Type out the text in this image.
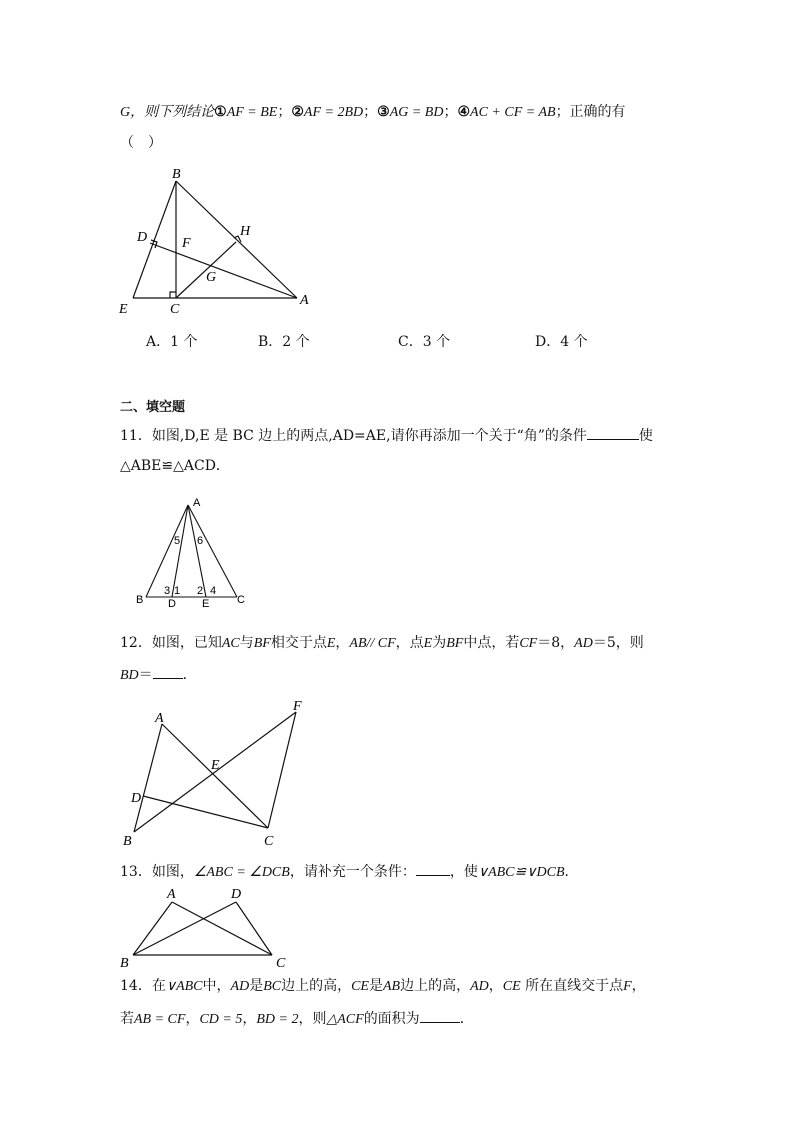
G，则下列结论①AF = BE；②AF = 2BD；③AG = BD；④AC + CF = AB；正确的有
（　）
B
D F
H
G
E	C
A
A．1 个	B．2 个	C．3 个	D．4 个
二、填空题
11．如图,D,E 是 BC 边上的两点,AD=AE,请你再添加一个关于“角”的条件	使
△ABE≌△ACD．
A
B	C
D E
5 6
3 1 2 4
12．如图，已知AC与BF相交于点E，AB// CF，点E为BF中点，若CF＝8，AD＝5，则
BD＝ ．
A
F
E
D
B	C
13．如图，∠ABC = ∠DCB，请补充一个条件： ，使∨ABC≌∨DCB．
A	D
B	C
14．在∨ABC中，AD是BC边上的高，CE是AB边上的高，AD，CE 所在直线交于点F，
若AB = CF，CD = 5，BD = 2，则△ACF的面积为	．
